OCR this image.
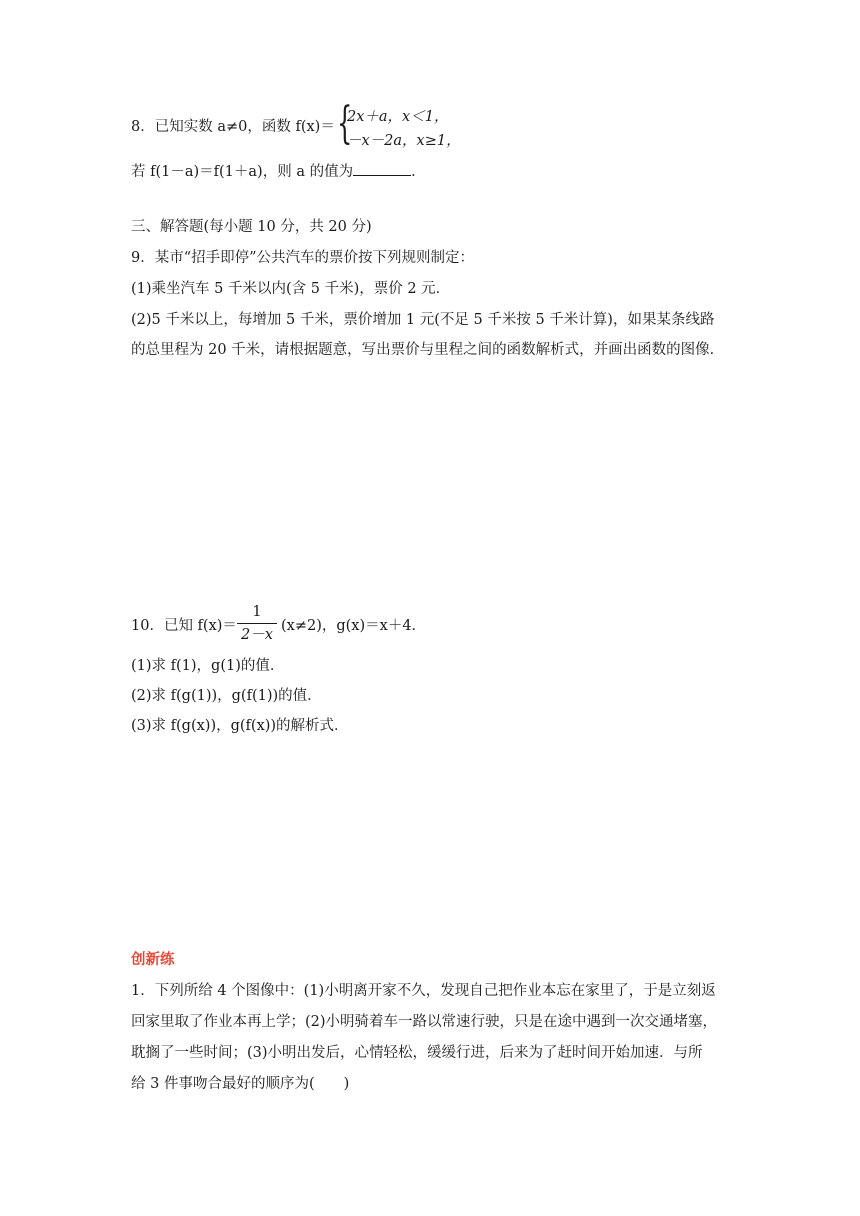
8．已知实数 a≠0，函数 f(x)＝ {
2x＋a，x＜1，
－x－2a，x≥1，
若 f(1－a)＝f(1＋a)，则 a 的值为	．
三、解答题(每小题 10 分，共 20 分)
9．某市“招手即停”公共汽车的票价按下列规则制定：
(1)乘坐汽车 5 千米以内(含 5 千米)，票价 2 元．
(2)5 千米以上，每增加 5 千米，票价增加 1 元(不足 5 千米按 5 千米计算)，如果某条线路
的总里程为 20 千米，请根据题意，写出票价与里程之间的函数解析式，并画出函数的图像．
10．已知 f(x)＝
1
2－x
(x≠2)，g(x)＝x＋4．
(1)求 f(1)，g(1)的值．
(2)求 f(g(1))，g(f(1))的值．
(3)求 f(g(x))，g(f(x))的解析式．
创新练
1．下列所给 4 个图像中：(1)小明离开家不久，发现自己把作业本忘在家里了，于是立刻返
回家里取了作业本再上学；(2)小明骑着车一路以常速行驶，只是在途中遇到一次交通堵塞，
耽搁了一些时间；(3)小明出发后，心情轻松，缓缓行进，后来为了赶时间开始加速．与所
给 3 件事吻合最好的顺序为(　　)
